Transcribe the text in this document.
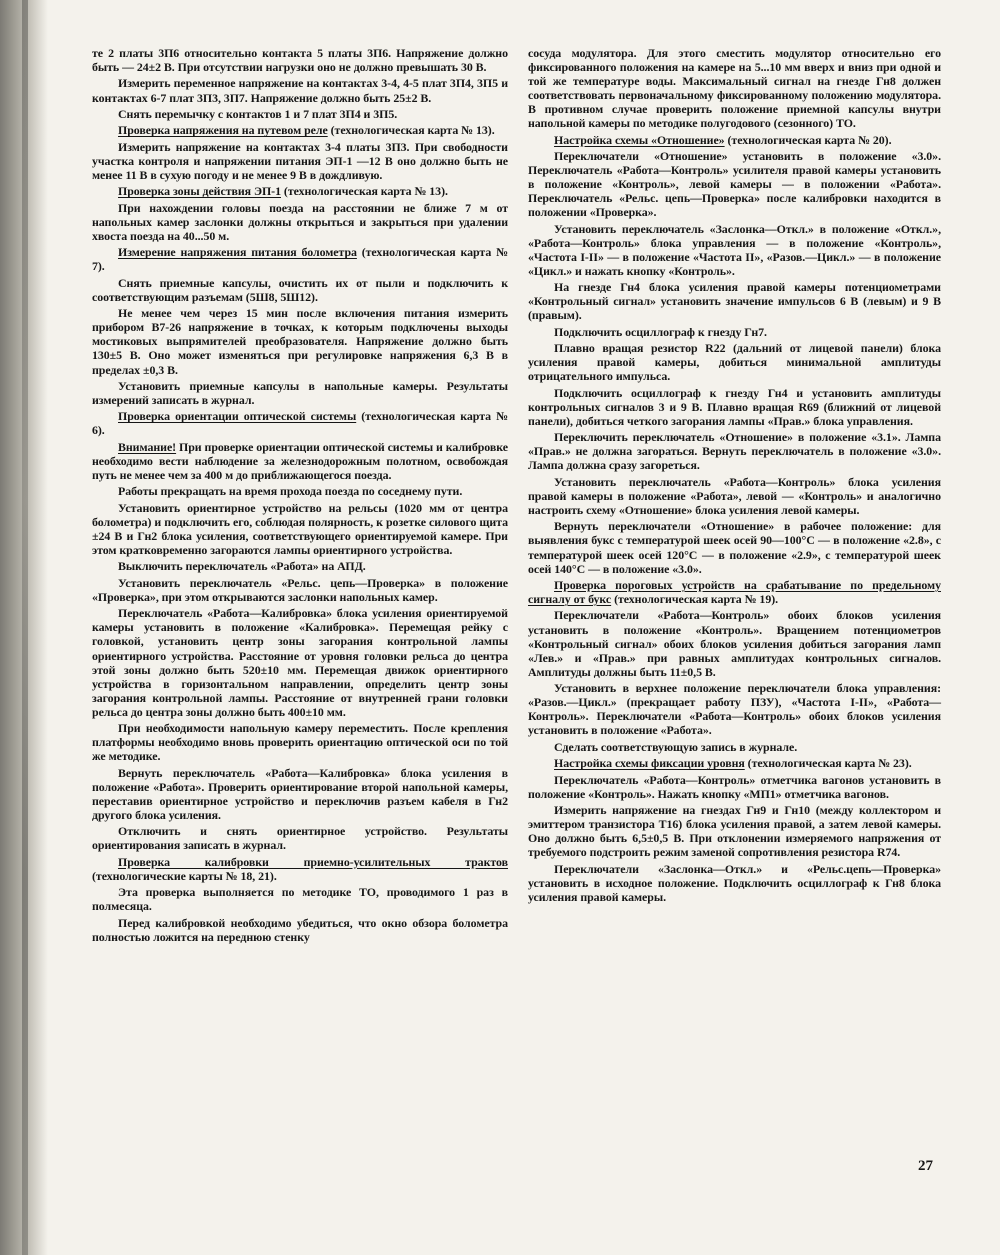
те 2 платы 3П6 относительно контакта 5 платы 3П6. Напряжение должно быть — 24±2 В. При отсутствии нагрузки оно не должно превышать 30 В.

Измерить переменное напряжение на контактах 3-4, 4-5 плат 3П4, 3П5 и контактах 6-7 плат 3П3, 3П7. Напряжение должно быть 25±2 В.

Снять перемычку с контактов 1 и 7 плат 3П4 и 3П5.

Проверка напряжения на путевом реле (технологическая карта № 13).

Измерить напряжение на контактах 3-4 платы 3П3. При свободности участка контроля и напряжении питания ЭП-1 —12 В оно должно быть не менее 11 В в сухую погоду и не менее 9 В в дождливую.

Проверка зоны действия ЭП-1 (технологическая карта № 13).

При нахождении головы поезда на расстоянии не ближе 7 м от напольных камер заслонки должны открыться и закрыться при удалении хвоста поезда на 40...50 м.

Измерение напряжения питания болометра (технологическая карта № 7).

Снять приемные капсулы, очистить их от пыли и подключить к соответствующим разъемам (5Ш8, 5Ш12).

Не менее чем через 15 мин после включения питания измерить прибором В7-26 напряжение в точках, к которым подключены выходы мостиковых выпрямителей преобразователя. Напряжение должно быть 130±5 В. Оно может изменяться при регулировке напряжения 6,3 В в пределах ±0,3 В.

Установить приемные капсулы в напольные камеры. Результаты измерений записать в журнал.

Проверка ориентации оптической системы (технологическая карта № 6).

Внимание! При проверке ориентации оптической системы и калибровке необходимо вести наблюдение за железнодорожным полотном, освобождая путь не менее чем за 400 м до приближающегося поезда.

Работы прекращать на время прохода поезда по соседнему пути.

Установить ориентирное устройство на рельсы (1020 мм от центра болометра) и подключить его, соблюдая полярность, к розетке силового щита ±24 В и Гн2 блока усиления, соответствующего ориентируемой камере. При этом кратковременно загораются лампы ориентирного устройства.

Выключить переключатель «Работа» на АПД.

Установить переключатель «Рельс. цепь—Проверка» в положение «Проверка», при этом открываются заслонки напольных камер.

Переключатель «Работа—Калибровка» блока усиления ориентируемой камеры установить в положение «Калибровка». Перемещая рейку с головкой, установить центр зоны загорания контрольной лампы ориентирного устройства. Расстояние от уровня головки рельса до центра этой зоны должно быть 520±10 мм. Перемещая движок ориентирного устройства в горизонтальном направлении, определить центр зоны загорания контрольной лампы. Расстояние от внутренней грани головки рельса до центра зоны должно быть 400±10 мм.

При необходимости напольную камеру переместить. После крепления платформы необходимо вновь проверить ориентацию оптической оси по той же методике.

Вернуть переключатель «Работа—Калибровка» блока усиления в положение «Работа». Проверить ориентирование второй напольной камеры, переставив ориентирное устройство и переключив разъем кабеля в Гн2 другого блока усиления.

Отключить и снять ориентирное устройство. Результаты ориентирования записать в журнал.

Проверка калибровки приемно-усилительных трактов (технологические карты № 18, 21).

Эта проверка выполняется по методике ТО, проводимого 1 раз в полмесяца.

Перед калибровкой необходимо убедиться, что окно обзора болометра полностью ложится на переднюю стенку

сосуда модулятора. Для этого сместить модулятор относительно его фиксированного положения на камере на 5...10 мм вверх и вниз при одной и той же температуре воды. Максимальный сигнал на гнезде Гн8 должен соответствовать первоначальному фиксированному положению модулятора. В противном случае проверить положение приемной капсулы внутри напольной камеры по методике полугодового (сезонного) ТО.

Настройка схемы «Отношение» (технологическая карта № 20).

Переключатели «Отношение» установить в положение «3.0». Переключатель «Работа—Контроль» усилителя правой камеры установить в положение «Контроль», левой камеры — в положении «Работа». Переключатель «Рельс. цепь—Проверка» после калибровки находится в положении «Проверка».

Установить переключатель «Заслонка—Откл.» в положение «Откл.», «Работа—Контроль» блока управления — в положение «Контроль», «Частота I-II» — в положение «Частота II», «Разов.—Цикл.» — в положение «Цикл.» и нажать кнопку «Контроль».

На гнезде Гн4 блока усиления правой камеры потенциометрами «Контрольный сигнал» установить значение импульсов 6 В (левым) и 9 В (правым).

Подключить осциллограф к гнезду Гн7.

Плавно вращая резистор R22 (дальний от лицевой панели) блока усиления правой камеры, добиться минимальной амплитуды отрицательного импульса.

Подключить осциллограф к гнезду Гн4 и установить амплитуды контрольных сигналов 3 и 9 В. Плавно вращая R69 (ближний от лицевой панели), добиться четкого загорания лампы «Прав.» блока управления.

Переключить переключатель «Отношение» в положение «3.1». Лампа «Прав.» не должна загораться. Вернуть переключатель в положение «3.0». Лампа должна сразу загореться.

Установить переключатель «Работа—Контроль» блока усиления правой камеры в положение «Работа», левой — «Контроль» и аналогично настроить схему «Отношение» блока усиления левой камеры.

Вернуть переключатели «Отношение» в рабочее положение: для выявления букс с температурой шеек осей 90—100°С — в положение «2.8», с температурой шеек осей 120°С — в положение «2.9», с температурой шеек осей 140°С — в положение «3.0».

Проверка пороговых устройств на срабатывание по предельному сигналу от букс (технологическая карта № 19).

Переключатели «Работа—Контроль» обоих блоков усиления установить в положение «Контроль». Вращением потенциометров «Контрольный сигнал» обоих блоков усиления добиться загорания ламп «Лев.» и «Прав.» при равных амплитудах контрольных сигналов. Амплитуды должны быть 11±0,5 В.

Установить в верхнее положение переключатели блока управления: «Разов.—Цикл.» (прекращает работу ПЗУ), «Частота I-II», «Работа—Контроль». Переключатели «Работа—Контроль» обоих блоков усиления установить в положение «Работа».

Сделать соответствующую запись в журнале.

Настройка схемы фиксации уровня (технологическая карта № 23).

Переключатель «Работа—Контроль» отметчика вагонов установить в положение «Контроль». Нажать кнопку «МП1» отметчика вагонов.

Измерить напряжение на гнездах Гн9 и Гн10 (между коллектором и эмиттером транзистора Т16) блока усиления правой, а затем левой камеры. Оно должно быть 6,5±0,5 В. При отклонении измеряемого напряжения от требуемого подстроить режим заменой сопротивления резистора R74.

Переключатели «Заслонка—Откл.» и «Рельс.цепь—Проверка» установить в исходное положение. Подключить осциллограф к Гн8 блока усиления правой камеры.

27
